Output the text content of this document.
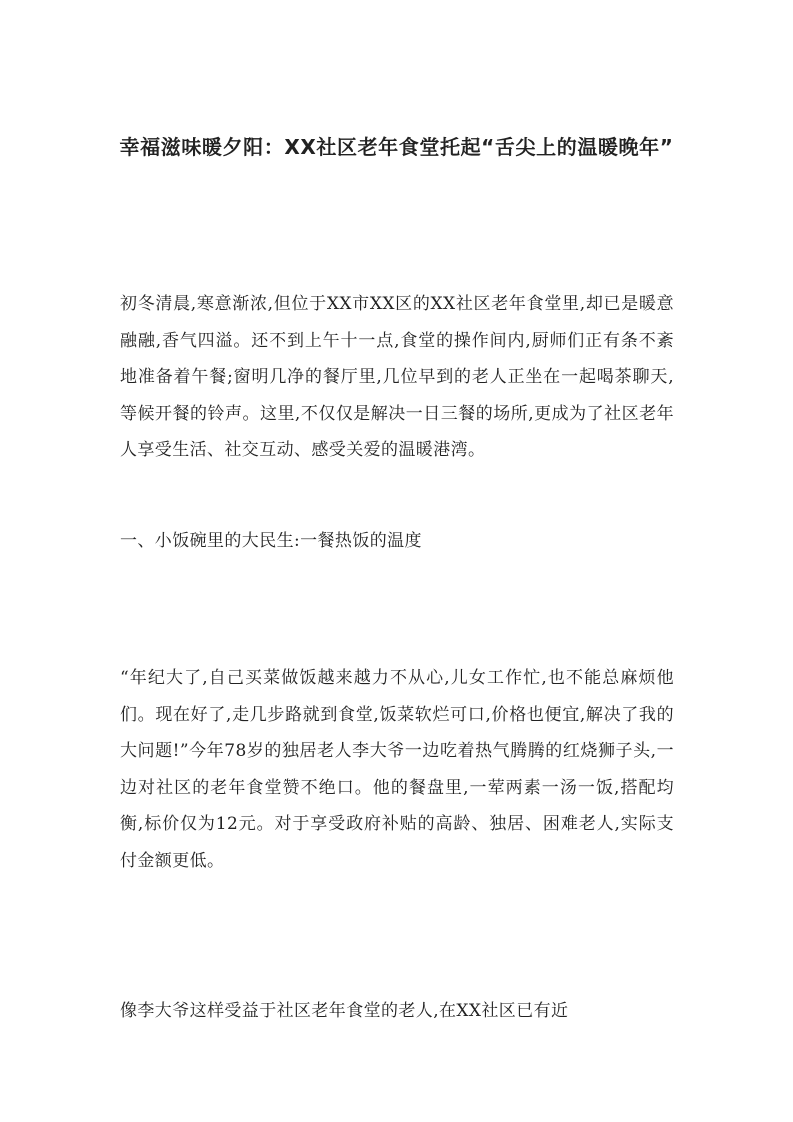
幸福滋味暖夕阳：XX社区老年食堂托起“舌尖上的温暖晚年”

初冬清晨,寒意渐浓,但位于XX市XX区的XX社区老年食堂里,却已是暖意融融,香气四溢。还不到上午十一点,食堂的操作间内,厨师们正有条不紊地准备着午餐;窗明几净的餐厅里,几位早到的老人正坐在一起喝茶聊天,等候开餐的铃声。这里,不仅仅是解决一日三餐的场所,更成为了社区老年人享受生活、社交互动、感受关爱的温暖港湾。

一、小饭碗里的大民生:一餐热饭的温度

“年纪大了,自己买菜做饭越来越力不从心,儿女工作忙,也不能总麻烦他们。现在好了,走几步路就到食堂,饭菜软烂可口,价格也便宜,解决了我的大问题!”今年78岁的独居老人李大爷一边吃着热气腾腾的红烧狮子头,一边对社区的老年食堂赞不绝口。他的餐盘里,一荤两素一汤一饭,搭配均衡,标价仅为12元。对于享受政府补贴的高龄、独居、困难老人,实际支付金额更低。

像李大爷这样受益于社区老年食堂的老人,在XX社区已有近
